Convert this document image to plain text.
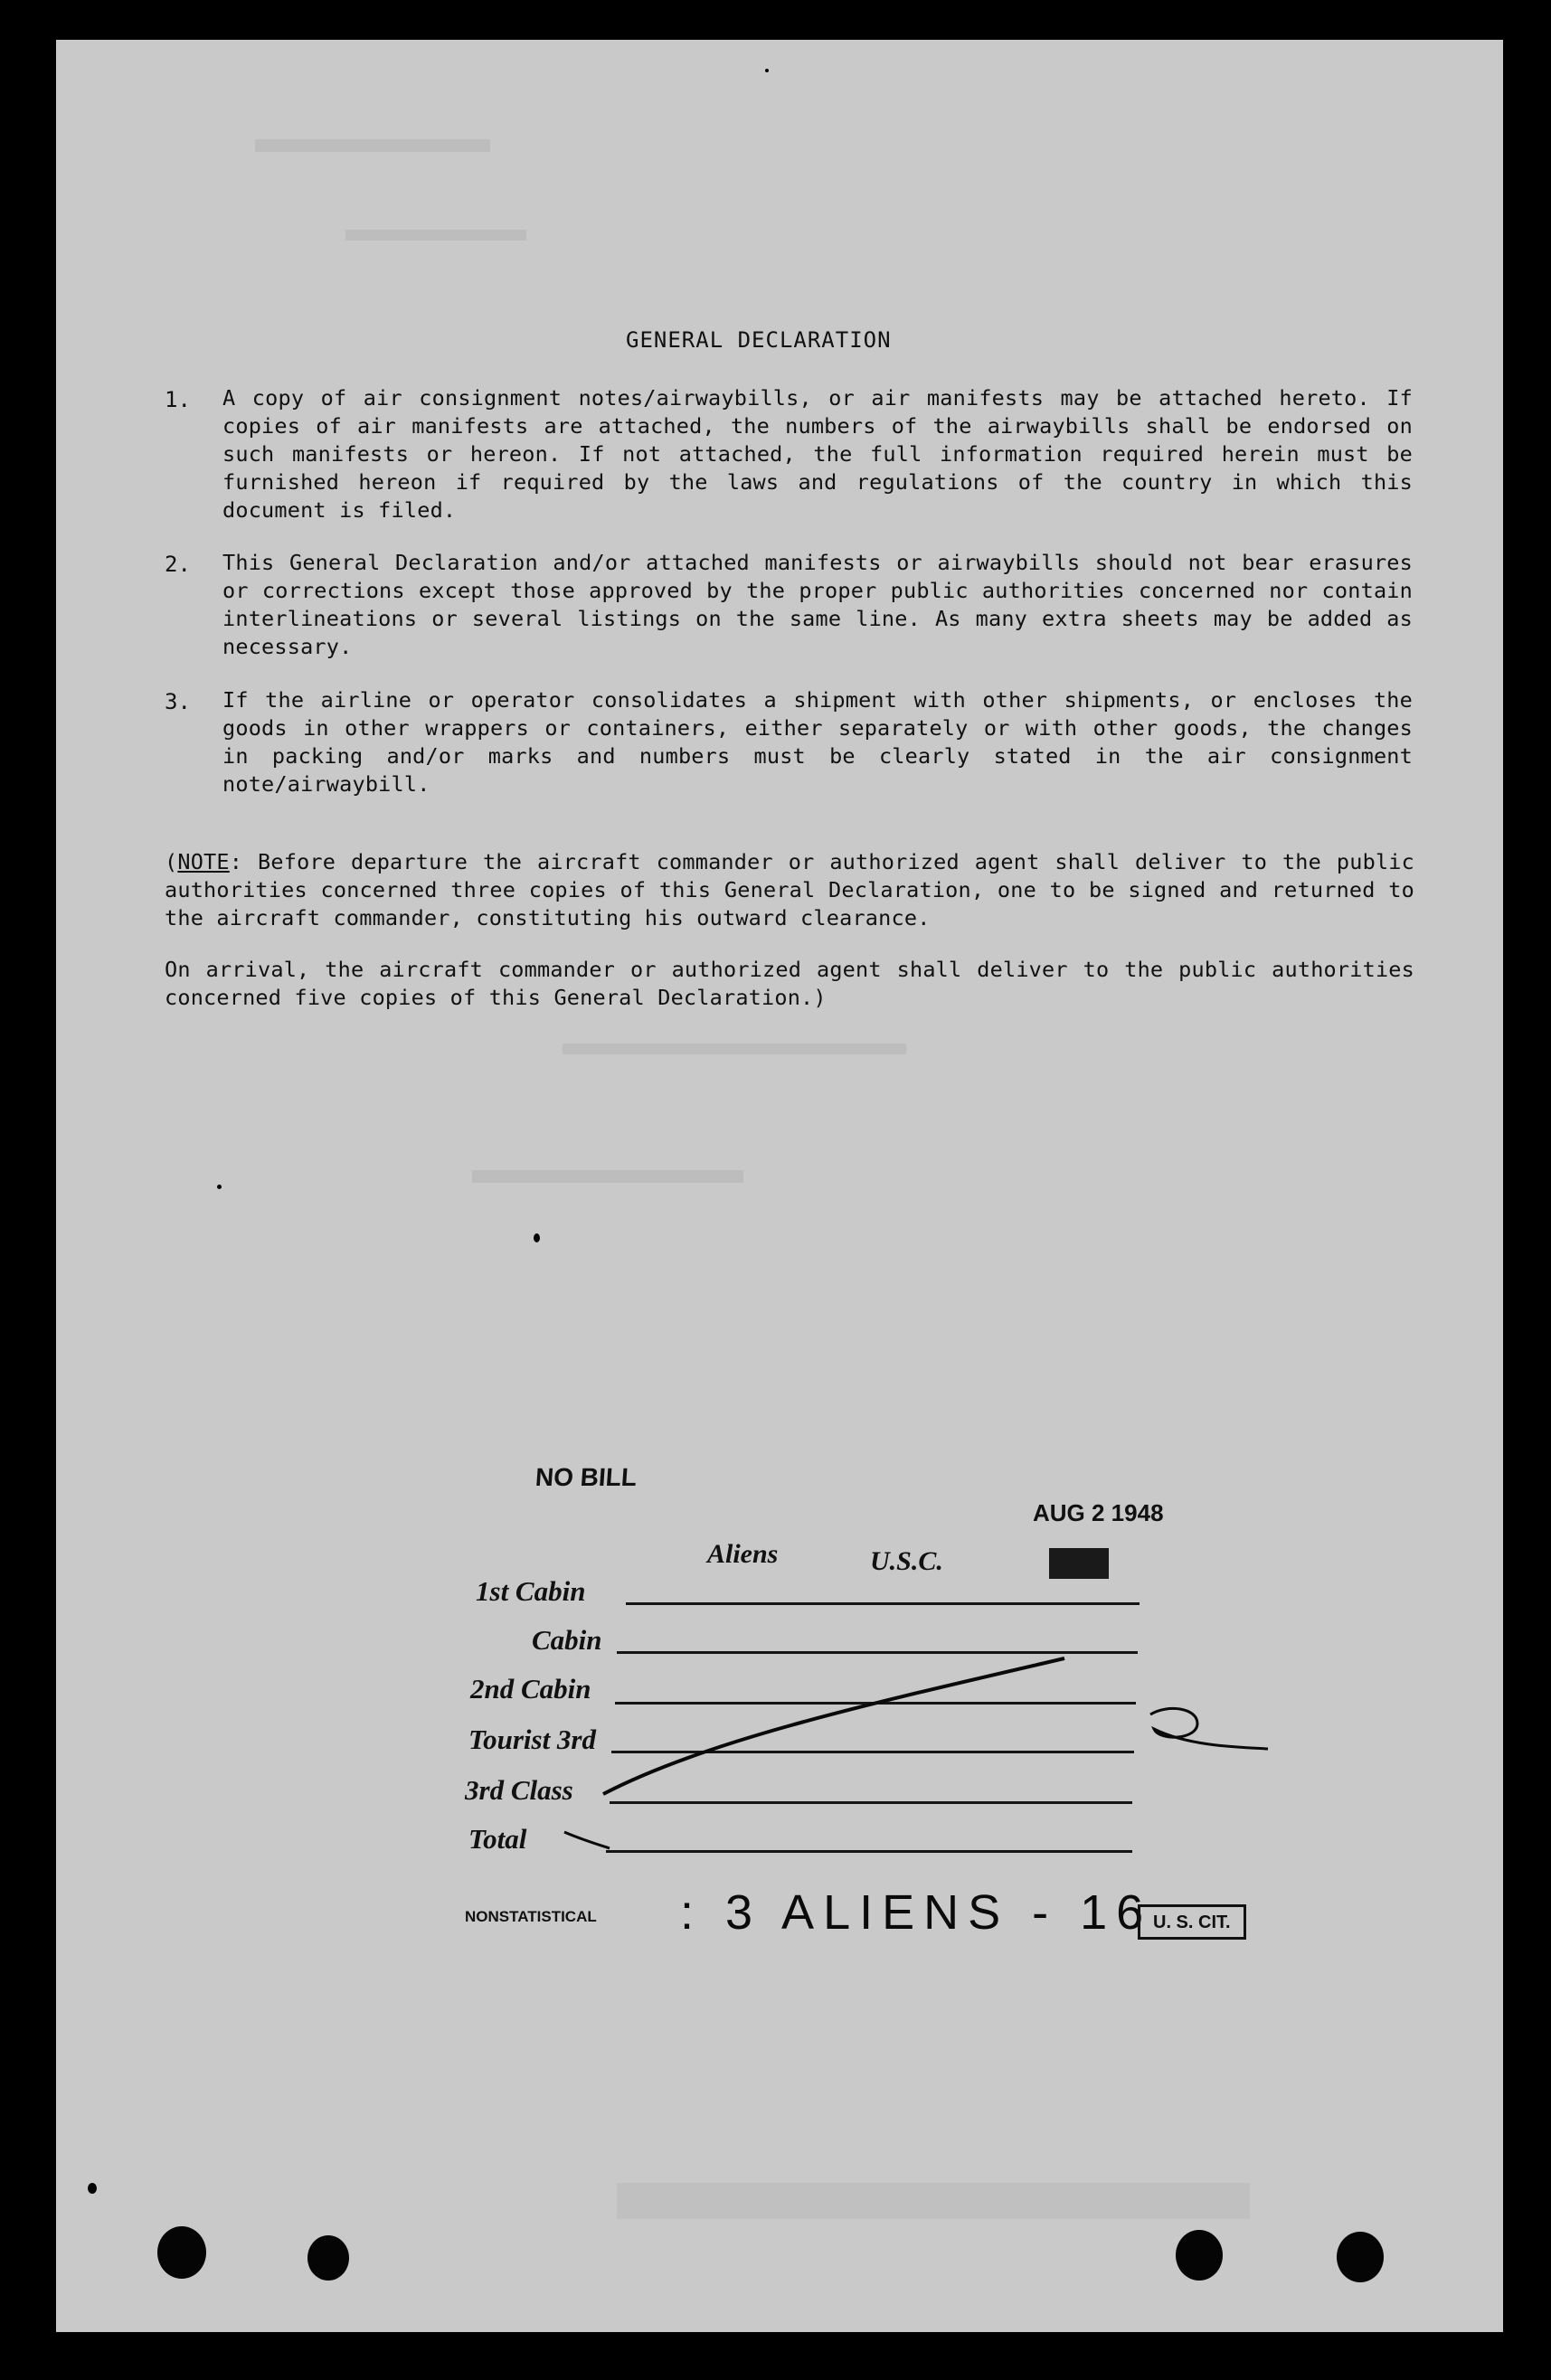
GENERAL DECLARATION
1. A copy of air consignment notes/airwaybills, or air manifests may be attached hereto. If copies of air manifests are attached, the numbers of the airwaybills shall be endorsed on such manifests or hereon. If not attached, the full information required herein must be furnished hereon if required by the laws and regulations of the country in which this document is filed.
2. This General Declaration and/or attached manifests or airwaybills should not bear erasures or corrections except those approved by the proper public authorities concerned nor contain interlineations or several listings on the same line. As many extra sheets may be added as necessary.
3. If the airline or operator consolidates a shipment with other shipments, or encloses the goods in other wrappers or containers, either separately or with other goods, the changes in packing and/or marks and numbers must be clearly stated in the air consignment note/airwaybill.
(NOTE: Before departure the aircraft commander or authorized agent shall deliver to the public authorities concerned three copies of this General Declaration, one to be signed and returned to the aircraft commander, constituting his outward clearance.
On arrival, the aircraft commander or authorized agent shall deliver to the public authorities concerned five copies of this General Declaration.)
NO BILL
AUG 2 1948
Aliens	U.S.C.	Total
1st Cabin
Cabin
2nd Cabin
Tourist 3rd
3rd Class
Total
NONSTATISTICAL : 3 ALIENS - 16 U. S. CIT.
